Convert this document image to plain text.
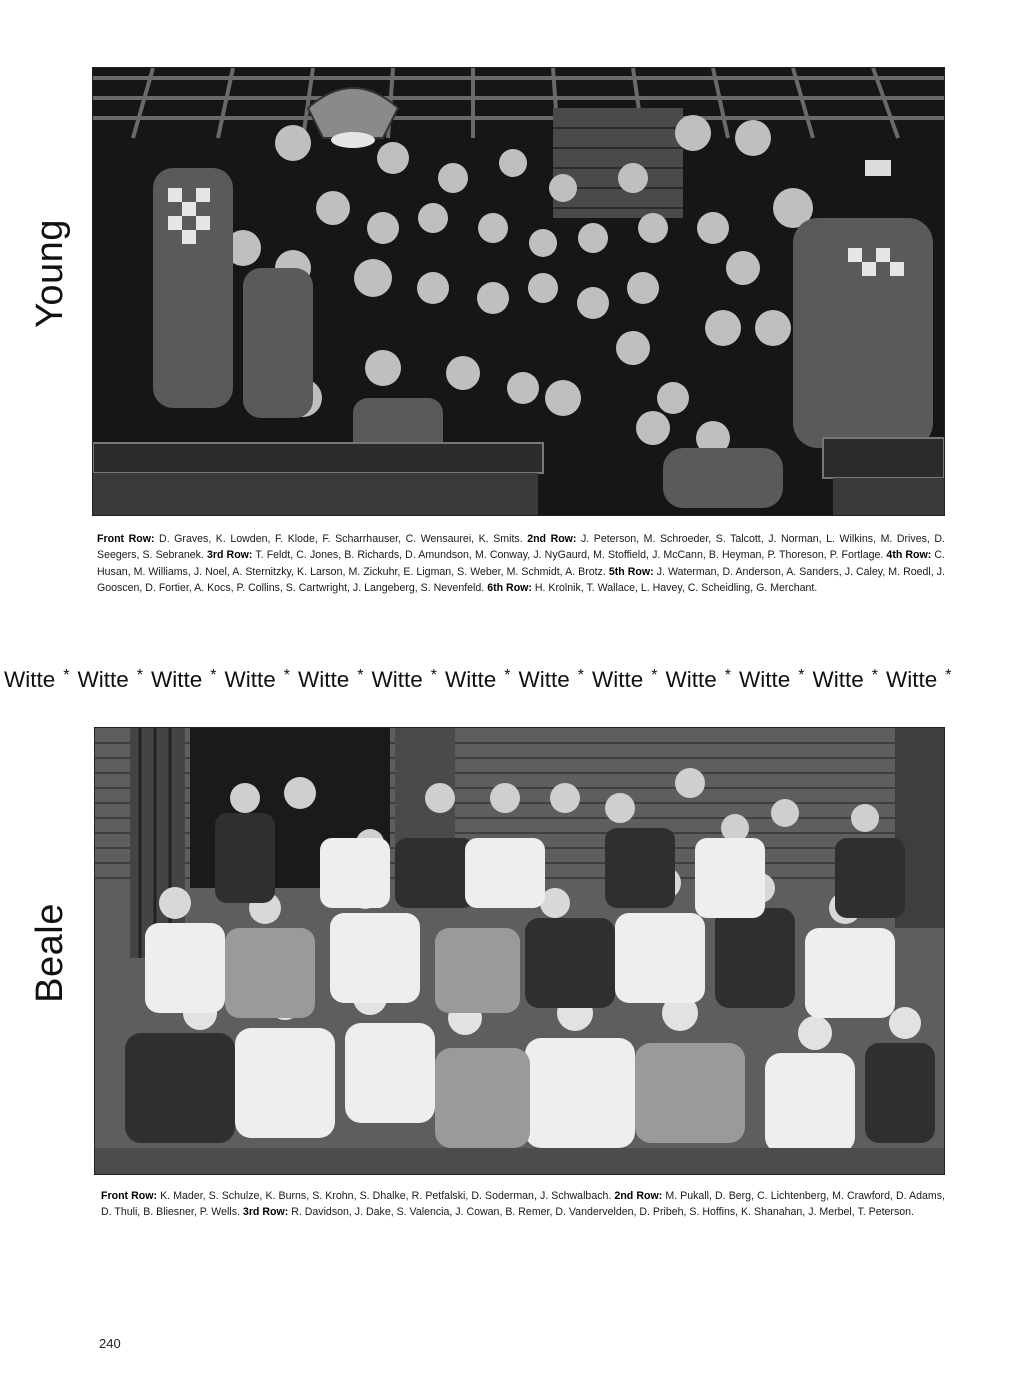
Young
Front Row: D. Graves, K. Lowden, F. Klode, F. Scharrhauser, C. Wensaurei, K. Smits. 2nd Row: J. Peterson, M. Schroeder, S. Talcott, J. Norman, L. Wilkins, M. Drives, D. Seegers, S. Sebranek. 3rd Row: T. Feldt, C. Jones, B. Richards, D. Amundson, M. Conway, J. NyGaurd, M. Stoffield, J. McCann, B. Heyman, P. Thoreson, P. Fortlage. 4th Row: C. Husan, M. Williams, J. Noel, A. Sternitzky, K. Larson, M. Zickuhr, E. Ligman, S. Weber, M. Schmidt, A. Brotz. 5th Row: J. Waterman, D. Anderson, A. Sanders, J. Caley, M. Roedl, J. Gooscen, D. Fortier, A. Kocs, P. Collins, S. Cartwright, J. Langeberg, S. Nevenfeld. 6th Row: H. Krolnik, T. Wallace, L. Havey, C. Scheidling, G. Merchant.
Witte * Witte * Witte * Witte * Witte * Witte * Witte * Witte * Witte * Witte * Witte * Witte * Witte *
Beale
Front Row: K. Mader, S. Schulze, K. Burns, S. Krohn, S. Dhalke, R. Petfalski, D. Soderman, J. Schwalbach. 2nd Row: M. Pukall, D. Berg, C. Lichtenberg, M. Crawford, D. Adams, D. Thuli, B. Bliesner, P. Wells. 3rd Row: R. Davidson, J. Dake, S. Valencia, J. Cowan, B. Remer, D. Vandervelden, D. Pribeh, S. Hoffins, K. Shanahan, J. Merbel, T. Peterson.
240
